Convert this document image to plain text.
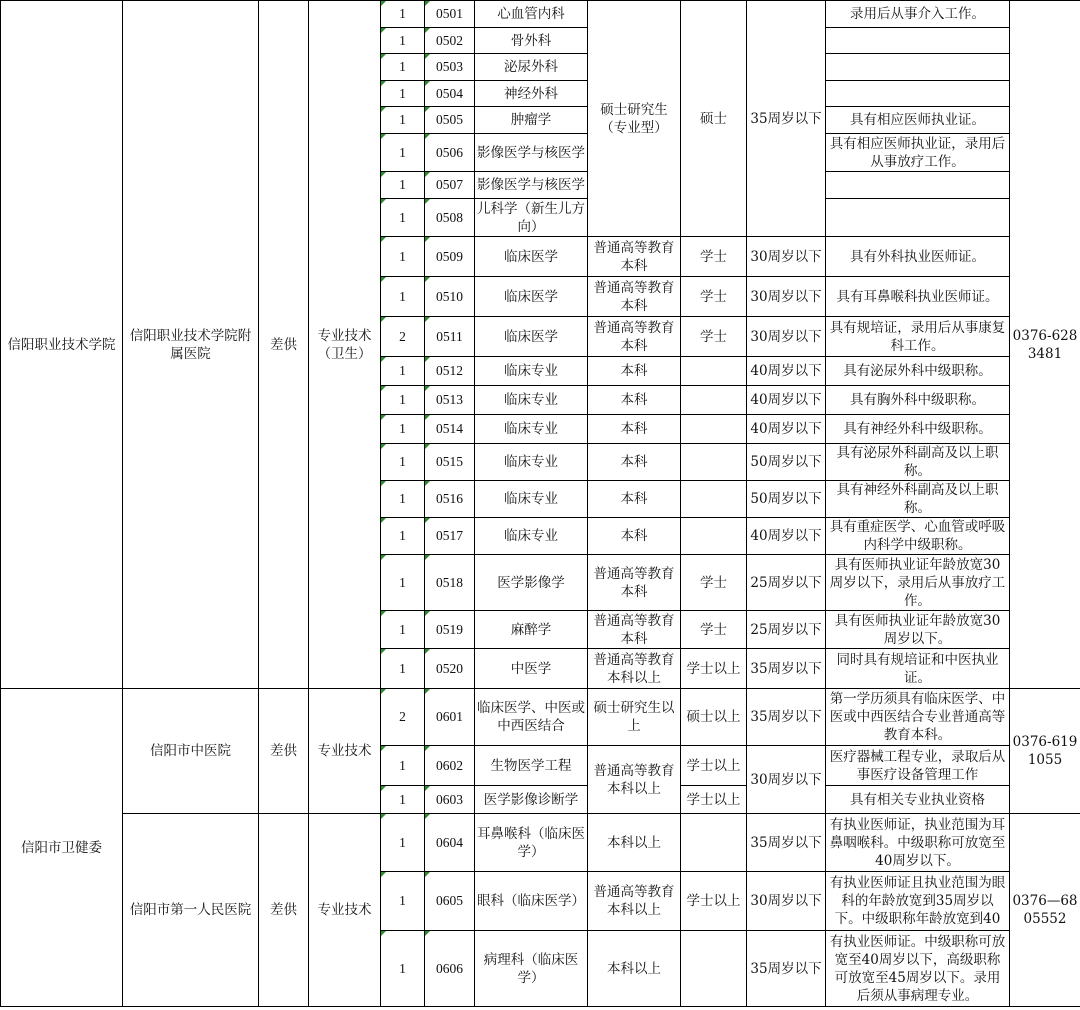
信阳职业技术学院	信阳职业技术学院附属医院	差供	专业技术（卫生）	1	0501	心血管内科	硕士研究生（专业型）	硕士	35周岁以下	录用后从事介入工作。	0376-6283481
				1	0502	骨外科					
				1	0503	泌尿外科					
				1	0504	神经外科					
				1	0505	肿瘤学				具有相应医师执业证。	
				1	0506	影像医学与核医学				具有相应医师执业证，录用后从事放疗工作。	
				1	0507	影像医学与核医学					
				1	0508	儿科学（新生儿方向）					
				1	0509	临床医学	普通高等教育本科	学士	30周岁以下	具有外科执业医师证。	
				1	0510	临床医学	普通高等教育本科	学士	30周岁以下	具有耳鼻喉科执业医师证。	
				2	0511	临床医学	普通高等教育本科	学士	30周岁以下	具有规培证，录用后从事康复科工作。	
				1	0512	临床专业	本科		40周岁以下	具有泌尿外科中级职称。	
				1	0513	临床专业	本科		40周岁以下	具有胸外科中级职称。	
				1	0514	临床专业	本科		40周岁以下	具有神经外科中级职称。	
				1	0515	临床专业	本科		50周岁以下	具有泌尿外科副高及以上职称。	
				1	0516	临床专业	本科		50周岁以下	具有神经外科副高及以上职称。	
				1	0517	临床专业	本科		40周岁以下	具有重症医学、心血管或呼吸内科学中级职称。	
				1	0518	医学影像学	普通高等教育本科	学士	25周岁以下	具有医师执业证年龄放宽30周岁以下，录用后从事放疗工作。	
				1	0519	麻醉学	普通高等教育本科	学士	25周岁以下	具有医师执业证年龄放宽30周岁以下。	
				1	0520	中医学	普通高等教育本科以上	学士以上	35周岁以下	同时具有规培证和中医执业证。	
信阳市卫健委	信阳市中医院	差供	专业技术	2	0601	临床医学、中医或中西医结合	硕士研究生以上	硕士以上	35周岁以下	第一学历须具有临床医学、中医或中西医结合专业普通高等教育本科。	0376-6191055
				1	0602	生物医学工程	普通高等教育本科以上	学士以上	30周岁以下	医疗器械工程专业，录取后从事医疗设备管理工作	
				1	0603	医学影像诊断学		学士以上		具有相关专业执业资格	
	信阳市第一人民医院	差供	专业技术	1	0604	耳鼻喉科（临床医学）	本科以上		35周岁以下	有执业医师证，执业范围为耳鼻咽喉科。中级职称可放宽至40周岁以下。	0376—6805552
				1	0605	眼科（临床医学）	普通高等教育本科以上	学士以上	30周岁以下	有执业医师证且执业范围为眼科的年龄放宽到35周岁以下。中级职称年龄放宽到40	
				1	0606	病理科（临床医学）	本科以上		35周岁以下	有执业医师证。中级职称可放宽至40周岁以下，高级职称可放宽至45周岁以下。录用后须从事病理专业。	
